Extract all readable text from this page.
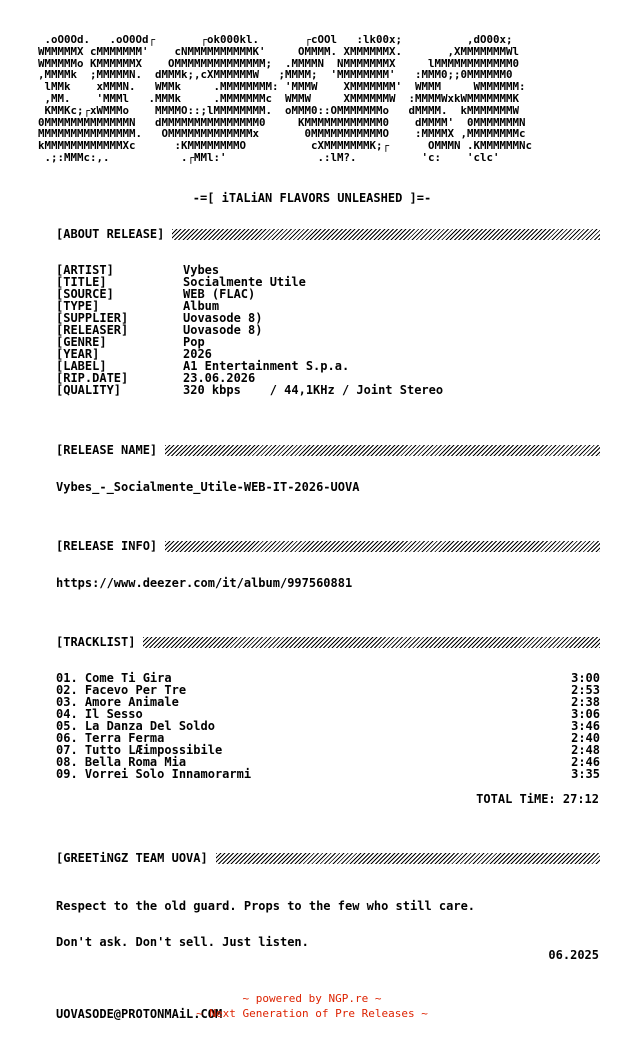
.oO0Od.   .oO0Od┌       ┌ok000kl.       ┌cOOl   :lk00x;          ,dO00x;
WMMMMMX cMMMMMMM'    cNMMMMMMMMMMK'     OMMMM. XMMMMMMX.       ,XMMMMMMMWl
WMMMMMo KMMMMMMX    OMMMMMMMMMMMMMM;  .MMMMN  NMMMMMMMX     lMMMMMMMMMMMM0
,MMMMk  ;MMMMMN.  dMMMk;,cXMMMMMMW   ;MMMM;  'MMMMMMMM'   :MMM0;;0MMMMMM0
lMMk    xMMMN.   WMMk     .MMMMMMMM: 'MMMW    XMMMMMMM'  WMMM     WMMMMMM:
,MM.    'MMMl   .MMMk     .MMMMMMMc  WMMW     XMMMMMMW  :MMMMWxkWMMMMMMMK
KMMKc;┌xWMMMo    MMMMO::;lMMMMMMMM.  oMMM0::OMMMMMMMo   dMMMM.  kMMMMMMMW
0MMMMMMMMMMMMMN   dMMMMMMMMMMMMMMM0     KMMMMMMMMMMMM0    dMMMM'  0MMMMMMMN
MMMMMMMMMMMMMMM.   OMMMMMMMMMMMMMx       0MMMMMMMMMMMO    :MMMMX ,MMMMMMMMc
kMMMMMMMMMMMMXc      :KMMMMMMMMO          cXMMMMMMMK;┌      OMMMN .KMMMMMMNc
.;:MMMc:,.           .┌MMl:'              .:lM?.          'c:    'clc'
-=[ iTALiAN FLAVORS UNLEASHED ]=-
[ABOUT RELEASE]
[ARTIST]	Vybes
[TITLE]	Socialmente Utile
[SOURCE]	WEB (FLAC)
[TYPE]	Album
[SUPPLIER]	Uovasode 8)
[RELEASER]	Uovasode 8)
[GENRE]	Pop
[YEAR]	2026
[LABEL]	A1 Entertainment S.p.a.
[RIP.DATE]	23.06.2026
[QUALITY]	320 kbps    / 44,1KHz / Joint Stereo
[RELEASE NAME]
Vybes_-_Socialmente_Utile-WEB-IT-2026-UOVA
[RELEASE INFO]
https://www.deezer.com/it/album/997560881
[TRACKLIST]
01. Come Ti Gira	3:00
02. Facevo Per Tre	2:53
03. Amore Animale	2:38
04. Il Sesso	3:06
05. La Danza Del Soldo	3:46
06. Terra Ferma	2:40
07. Tutto LÆimpossibile	2:48
08. Bella Roma Mia	2:46
09. Vorrei Solo Innamorarmi	3:35
TOTAL TiME: 27:12
[GREETiNGZ TEAM UOVA]

Respect to the old guard. Props to the few who still care.

Don't ask. Don't sell. Just listen.

UOVASODE@PROTONMAiL.COM

06.2025
~ powered by NGP.re ~
~ Next Generation of Pre Releases ~
